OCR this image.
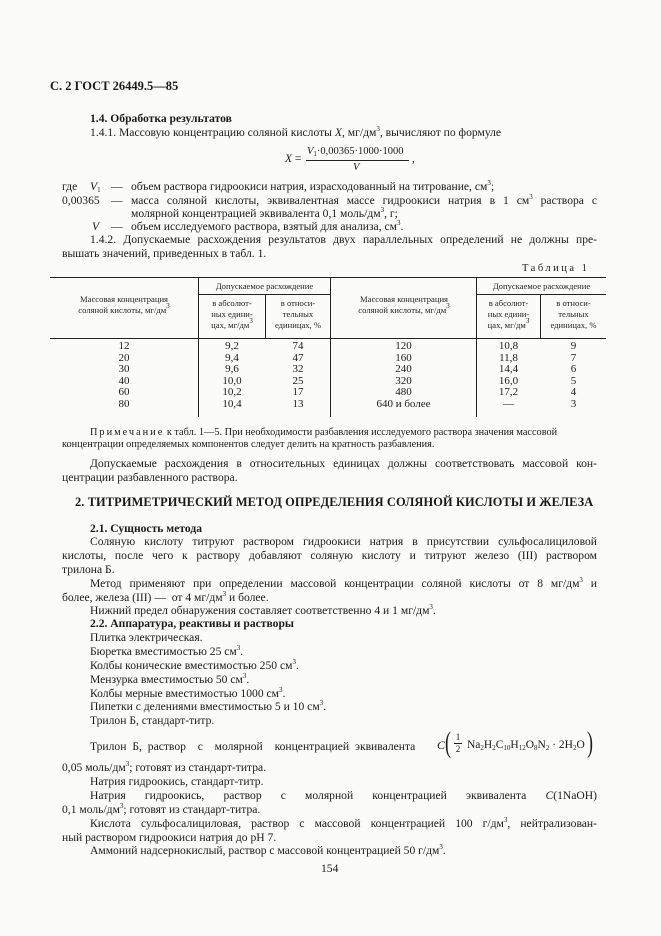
С. 2 ГОСТ 26449.5—85
1.4. Обработка результатов
1.4.1. Массовую концентрацию соляной кислоты X, $мг/дм^3$, вычисляют по формуле
X =
$V_1\cdot 0,00365\cdot 1000\cdot 1000$
V
,
где $V_1$ — объем раствора гидроокиси натрия, израсходованный на титрование, $см^3$;
0,00365 — масса соляной кислоты, эквивалентная массе гидроокиси натрия в 1 $см^3$ раствора с
молярной концентрацией эквивалента 0,1 моль/$дм^3$, г;
V — объем исследуемого раствора, взятый для анализа, $см^3$.
1.4.2. Допускаемые расхождения результатов двух параллельных определений не должны пре-
вышать значений, приведенных в табл. 1.
Таблица 1
Массовая концентрация
соляной кислоты, $мг/дм^3$
Допускаемое расхождение
в абсолют-
ных едини-
цах, $мг/дм^3$
в относи-
тельных
единицах, %
Массовая концентрация
соляной кислоты, $мг/дм^3$
Допускаемое расхождение
в абсолют-
ных едини-
цах, $мг/дм^3$
в относи-
тельных
единицах, %
12
20
30
40
60
80
9,2
9,4
9,6
10,0
10,2
10,4
74
47
32
25
17
13
120
160
240
320
480
640 и более
10,8
11,8
14,4
16,0
17,2
—
9
7
6
5
4
3
Примечание к табл. 1—5. При необходимости разбавления исследуемого раствора значения массовой
концентрации определяемых компонентов следует делить на кратность разбавления.
Допускаемые расхождения в относительных единицах должны соответствовать массовой кон-
центрации разбавленного раствора.
2. ТИТРИМЕТРИЧЕСКИЙ МЕТОД ОПРЕДЕЛЕНИЯ СОЛЯНОЙ КИСЛОТЫ И ЖЕЛЕЗА
2.1. Сущность метода
Соляную кислоту титруют раствором гидроокиси натрия в присутствии сульфосалициловой
кислоты, после чего к раствору добавляют соляную кислоту и титруют железо (III) раствором
трилона Б.
Метод применяют при определении массовой концентрации соляной кислоты от 8 $мг/дм^3$ и
более, железа (III) —  от 4 $мг/дм^3$ и более.
Нижний предел обнаружения составляет соответственно 4 и 1 $мг/дм^3$.
2.2. Аппаратура, реактивы и растворы
Плитка электрическая.
Бюретка вместимостью 25 $см^3$.
Колбы конические вместимостью 250 $см^3$.
Мензурка вместимостью 50 $см^3$.
Колбы мерные вместимостью 1000 $см^3$.
Пипетки с делениями вместимостью 5 и 10 $см^3$.
Трилон Б, стандарт-титр.
Трилон Б, раствор  с  молярной  концентрацией эквивалента C ( 1

2 $Na_2H_2C_{10}H_{12}O_8N_2 \cdot 2H_2O$ )
0,05 моль/$дм^3$; готовят из стандарт-титра.
Натрия гидроокись, стандарт-титр.
Натрия гидроокись, раствор с молярной концентрацией эквивалента C(1NaOH)
0,1 моль/$дм^3$; готовят из стандарт-титра.
Кислота сульфосалициловая, раствор с массовой концентрацией 100 $г/дм^3$, нейтрализован-
ный раствором гидроокиси натрия до pH 7.
Аммоний надсернокислый, раствор с массовой концентрацией 50 $г/дм^3$.
154
